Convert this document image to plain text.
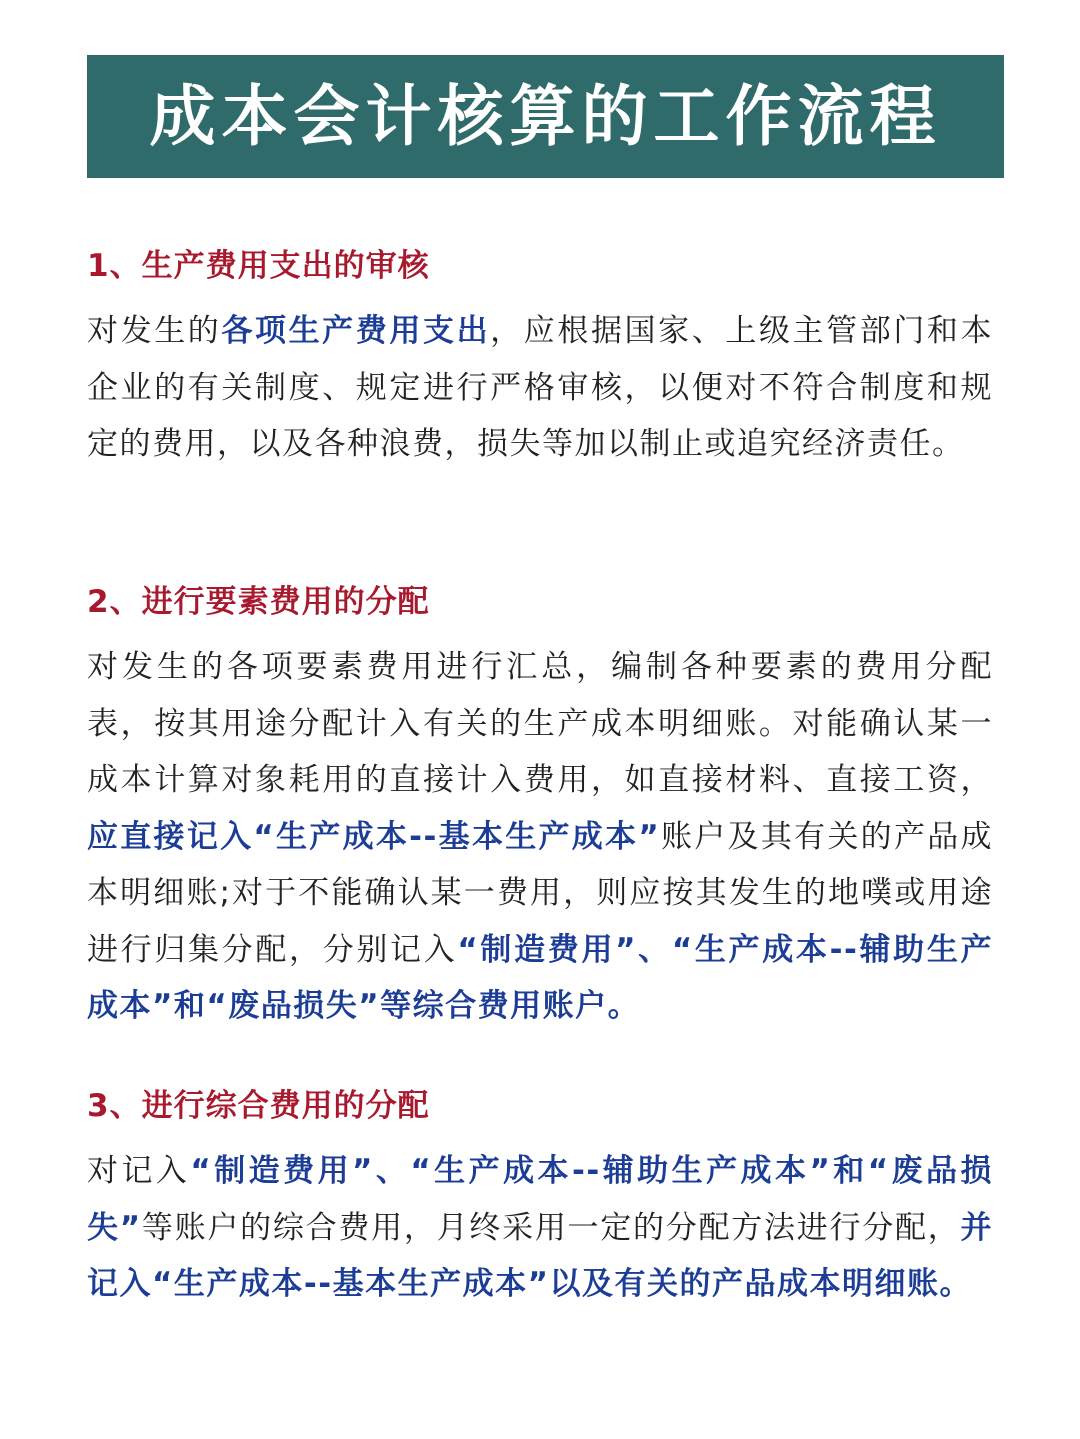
成本会计核算的工作流程
1、生产费用支出的审核

对发生的各项生产费用支出，应根据国家、上级主管部门和本企业的有关制度、规定进行严格审核，以便对不符合制度和规定的费用，以及各种浪费，损失等加以制止或追究经济责任。

2、进行要素费用的分配

对发生的各项要素费用进行汇总，编制各种要素的费用分配表，按其用途分配计入有关的生产成本明细账。对能确认某一成本计算对象耗用的直接计入费用，如直接材料、直接工资，应直接记入“生产成本--基本生产成本”账户及其有关的产品成本明细账;对于不能确认某一费用，则应按其发生的地噗或用途进行归集分配，分别记入“制造费用”、“生产成本--辅助生产成本”和“废品损失”等综合费用账户。

3、进行综合费用的分配

对记入“制造费用”、“生产成本--辅助生产成本”和“废品损失”等账户的综合费用，月终采用一定的分配方法进行分配，并记入“生产成本--基本生产成本”以及有关的产品成本明细账。
